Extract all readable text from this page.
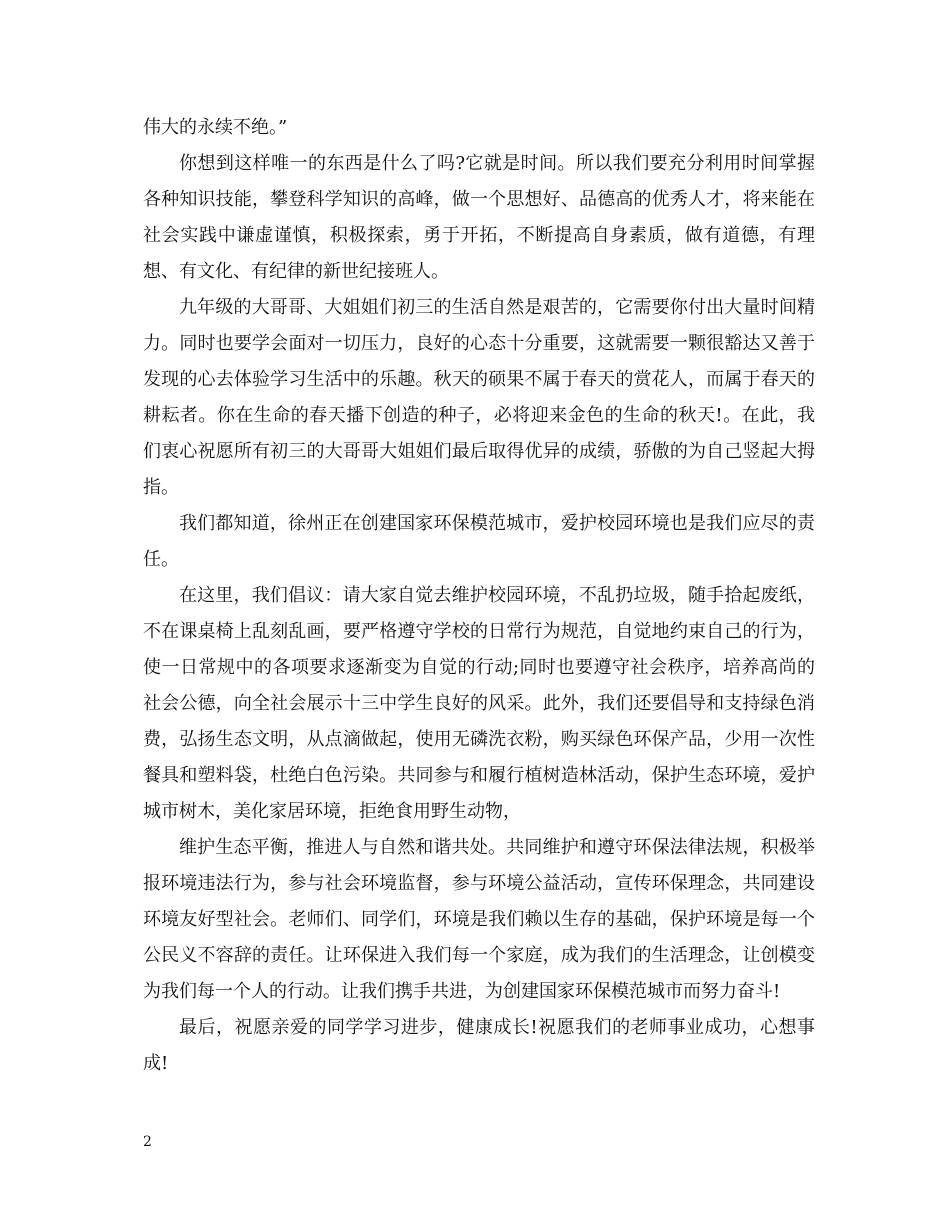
伟大的永续不绝。”

你想到这样唯一的东西是什么了吗?它就是时间。所以我们要充分利用时间掌握各种知识技能，攀登科学知识的高峰，做一个思想好、品德高的优秀人才，将来能在社会实践中谦虚谨慎，积极探索，勇于开拓，不断提高自身素质，做有道德，有理想、有文化、有纪律的新世纪接班人。

九年级的大哥哥、大姐姐们初三的生活自然是艰苦的，它需要你付出大量时间精力。同时也要学会面对一切压力，良好的心态十分重要，这就需要一颗很豁达又善于发现的心去体验学习生活中的乐趣。秋天的硕果不属于春天的赏花人，而属于春天的耕耘者。你在生命的春天播下创造的种子，必将迎来金色的生命的秋天!。在此，我们衷心祝愿所有初三的大哥哥大姐姐们最后取得优异的成绩，骄傲的为自己竖起大拇指。

我们都知道，徐州正在创建国家环保模范城市，爱护校园环境也是我们应尽的责任。

在这里，我们倡议：请大家自觉去维护校园环境，不乱扔垃圾，随手拾起废纸，不在课桌椅上乱刻乱画，要严格遵守学校的日常行为规范，自觉地约束自己的行为，使一日常规中的各项要求逐渐变为自觉的行动;同时也要遵守社会秩序，培养高尚的社会公德，向全社会展示十三中学生良好的风采。此外，我们还要倡导和支持绿色消费，弘扬生态文明，从点滴做起，使用无磷洗衣粉，购买绿色环保产品，少用一次性餐具和塑料袋，杜绝白色污染。共同参与和履行植树造林活动，保护生态环境，爱护城市树木，美化家居环境，拒绝食用野生动物，

维护生态平衡，推进人与自然和谐共处。共同维护和遵守环保法律法规，积极举报环境违法行为，参与社会环境监督，参与环境公益活动，宣传环保理念，共同建设环境友好型社会。老师们、同学们，环境是我们赖以生存的基础，保护环境是每一个公民义不容辞的责任。让环保进入我们每一个家庭，成为我们的生活理念，让创模变为我们每一个人的行动。让我们携手共进，为创建国家环保模范城市而努力奋斗!

最后，祝愿亲爱的同学学习进步，健康成长!祝愿我们的老师事业成功，心想事成!

2
